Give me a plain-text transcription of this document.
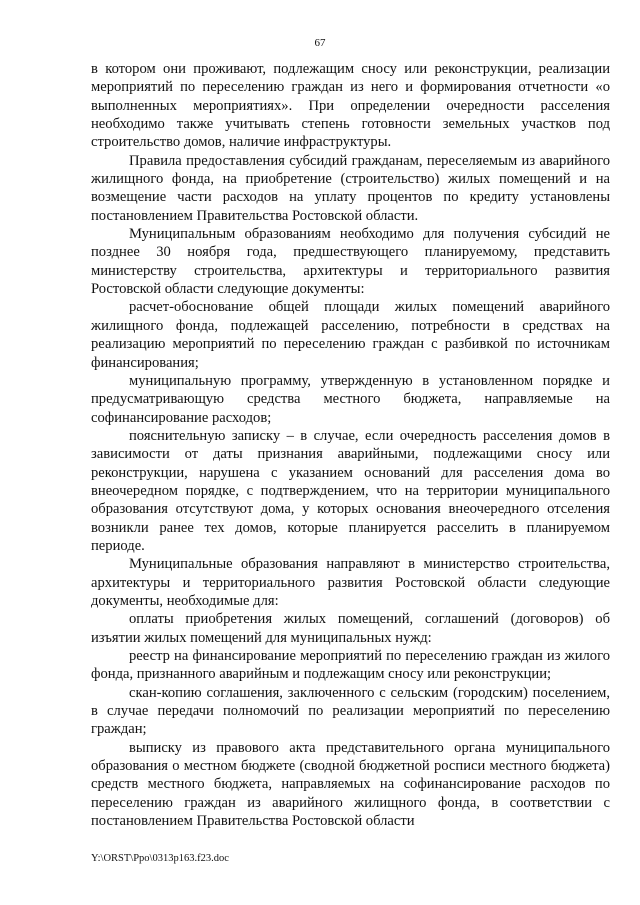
67

в котором они проживают, подлежащим сносу или реконструкции, реализации мероприятий по переселению граждан из него и формирования отчетности «о выполненных мероприятиях». При определении очередности расселения необходимо также учитывать степень готовности земельных участков под строительство домов, наличие инфраструктуры.

Правила предоставления субсидий гражданам, переселяемым из аварийного жилищного фонда, на приобретение (строительство) жилых помещений и на возмещение части расходов на уплату процентов по кредиту установлены постановлением Правительства Ростовской области.

Муниципальным образованиям необходимо для получения субсидий не позднее 30 ноября года, предшествующего планируемому, представить министерству строительства, архитектуры и территориального развития Ростовской области следующие документы:

расчет-обоснование общей площади жилых помещений аварийного жилищного фонда, подлежащей расселению, потребности в средствах на реализацию мероприятий по переселению граждан с разбивкой по источникам финансирования;

муниципальную программу, утвержденную в установленном порядке и предусматривающую средства местного бюджета, направляемые на софинансирование расходов;

пояснительную записку – в случае, если очередность расселения домов в зависимости от даты признания аварийными, подлежащими сносу или реконструкции, нарушена с указанием оснований для расселения дома во внеочередном порядке, с подтверждением, что на территории муниципального образования отсутствуют дома, у которых основания внеочередного отселения возникли ранее тех домов, которые планируется расселить в планируемом периоде.

Муниципальные образования направляют в министерство строительства, архитектуры и территориального развития Ростовской области следующие документы, необходимые для:

оплаты приобретения жилых помещений, соглашений (договоров) об изъятии жилых помещений для муниципальных нужд:

реестр на финансирование мероприятий по переселению граждан из жилого фонда, признанного аварийным и подлежащим сносу или реконструкции;

скан-копию соглашения, заключенного с сельским (городским) поселением, в случае передачи полномочий по реализации мероприятий по переселению граждан;

выписку из правового акта представительного органа муниципального образования о местном бюджете (сводной бюджетной росписи местного бюджета) средств местного бюджета, направляемых на софинансирование расходов по переселению граждан из аварийного жилищного фонда, в соответствии с постановлением Правительства Ростовской области

Y:\ORST\Ppo\0313p163.f23.doc
